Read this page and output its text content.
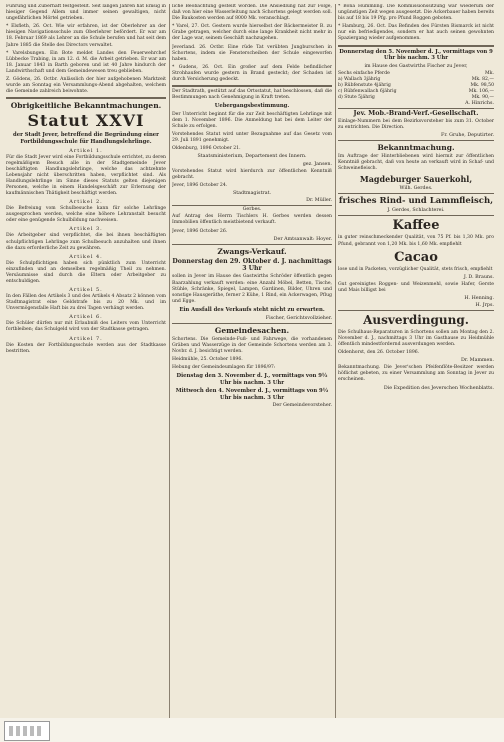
Fuhrung und Zuberhaft festgestellt. Seit langen Jahren hat Emsig in hiesiger Gegend Allem und immer seinen gewaltigen, nicht ungefährlichen Mörtel getrieben.

* Elsfleth, 26. Oct. Wie wir erfahren, ist der Oberlehrer an der hiesigen Navigationsschule zum Oberlehrer befördert. Er war am 18. Februar 1869 als Lehrer an die Schule berufen und hat seit dem Jahre 1885 die Stelle des Directors verwaltet.

* Varelsbungen. Ein Bote meldet Landes den Feuerwehrchef Lübbecke Trabing, in am 12. d. M. die Arbeit getrieben. Er war am 18. Januar 1843 in Barth geboren und ist 40 Jahre hindurch der Landwirthschaft und dem Gemeindewesen treu geblieben.

Z. Gödens, 26. Octbr. Anlässlich der hier aufgehobenen Marktzeit wurde am Sonntag ein Versammlungs-Abend abgehalten, welchem die Gemeinde zahlreich beiwohnte.

Obrigkeitliche Bekanntmachungen.
Statut XXVI
der Stadt Jever, betreffend die Begründung einer Fortbildungsschule für Handlungslehrlinge.
Artikel 1.

Für die Stadt Jever wird eine Fortbildungsschule errichtet, zu deren regelmäßigem Besuch alle in der Stadtgemeinde Jever beschäftigten Handlungslehrlinge, welche das achtzehnte Lebensjahr nicht überschritten haben, verpflichtet sind. Als Handlungslehrlinge im Sinne dieses Statuts gelten diejenigen Personen, welche in einem Handelsgeschäft zur Erlernung der kaufmännischen Thätigkeit beschäftigt werden.

Artikel 2.

Die Befreiung vom Schulbesuche kann für solche Lehrlinge ausgesprochen werden, welche eine höhere Lehranstalt besucht oder eine genügende Schulbildung nachweisen.

Artikel 3.

Die Arbeitgeber sind verpflichtet, die bei ihnen beschäftigten schulpflichtigen Lehrlinge zum Schulbesuch anzuhalten und ihnen die dazu erforderliche Zeit zu gewähren.

Artikel 4.

Die Schulpflichtigen haben sich pünktlich zum Unterricht einzufinden und an demselben regelmäßig Theil zu nehmen. Versäumnisse sind durch die Eltern oder Arbeitgeber zu entschuldigen.

Artikel 5.

In den Fällen des Artikels 3 und des Artikels 4 Absatz 2 können vom Stadtmagistrat eine Geldstrafe bis zu 20 Mk. und im Unvermögensfalle Haft bis zu drei Tagen verhängt werden.

Artikel 6.

Die Schüler dürfen nur mit Erlaubniß des Leiters vom Unterricht fortbleiben; das Schulgeld wird von der Stadtkasse getragen.

Artikel 7.

Die Kosten der Fortbildungsschule werden aus der Stadtkasse bestritten.

liche Beobachtung gestellt worden. Die Ansiedlung hat zur Folge, daß von hier eine Wasserleitung nach Schortens gelegt werden soll. Die Baukosten werden auf 8000 Mk. veranschlagt.

* Varel, 27. Oct. Gestern wurde hierselbst der Bäckermeister B. zu Grabe getragen, welcher durch eine lange Krankheit nicht mehr in der Lage war, seinem Geschäft nachzugehen.

Jeverland. 26. Octbr. Eine rüde Tat verübten Jungburschen in Schortens, indem sie Fensterscheiben der Schule eingeworfen haben.

* Gudens, 26. Oct. Ein großer auf dem Felde befindlicher Strohhaufen wurde gestern in Brand gesteckt; der Schaden ist durch Versicherung gedeckt.

Der Stadtrath, gestützt auf das Ortsstatut, hat beschlossen, daß die Bestimmungen nach Genehmigung in Kraft treten.

Uebergangsbestimmung.

Der Unterricht beginnt für die zur Zeit beschäftigten Lehrlinge mit dem 1. November 1896. Die Anmeldung hat bei dem Leiter der Schule zu erfolgen.

Vorstehendes Statut wird unter Bezugnahme auf das Gesetz vom 29. Juli 1891 genehmigt.

Oldenburg, 1896 October 21.

Staatsministerium, Departement des Innern.
gez. Jansen.

Vorstehendes Statut wird hierdurch zur öffentlichen Kenntniß gebracht.

Jever, 1896 October 24.

Stadtmagistrat.
Dr. Müller.
Gerbes.

Auf Antrag des Herrn Tischlers H. Gerbes werden dessen Immobilien öffentlich meistbietend verkauft.

Jever, 1896 October 26.

Der Amtsanwalt: Hoyer.
Zwangs-Verkauf.
Donnerstag den 29. Oktober d. J. nachmittags 3 Uhr

sollen in Jever im Hause des Gastwirths Schröder öffentlich gegen Baarzahlung verkauft werden: eine Anzahl Möbel, Betten, Tische, Stühle, Schränke, Spiegel, Lampen, Gardinen, Bilder, Uhren und sonstige Hausgeräthe, ferner 2 Kühe, 1 Rind, ein Ackerwagen, Pflug und Egge.

Ein Ausfall des Verkaufs steht nicht zu erwarten.
Fischer, Gerichtsvollzieher.
Gemeindesachen.

Schortens. Die Gemeinde-Fuß- und Fahrwege, die vorhandenen Gräben und Wasserzüge in der Gemeinde Schortens werden am 3. Novbr. d. J. besichtigt werden.

Heidmühle, 25. October 1896.

Hebung der Gemeindeumlagen für 1896/97:

Dienstag den 3. November d. J., vormittags von 9½ Uhr bis nachm. 3 Uhr
Mittwoch den 4. November d. J., vormittags von 9½ Uhr bis nachm. 3 Uhr
Der Gemeindevorsteher.

* Bona Hümmling. Die Kommissionssitzung war wiederum der ungünstigen Zeit wegen ausgesetzt. Die Ackerbauer haben bereits bis auf 18 bis 19 Pfg. pro Pfund Roggen geboten.

* Hamburg, 26. Oct. Das Befinden des Fürsten Bismarck ist nicht nur ein befriedigendes, sondern er hat auch seinen gewohnten Spaziergang wieder aufgenommen.

Donnerstag den 5. November d. J., vormittags von 9 Uhr bis nachm. 3 Uhr
im Hause des Gastwirths Fischer zu Jever,
Sechs einfache Pferde	Mk.
a) Wallach 3jährig	Mk. 82,—
b) Rübfenstute 4jährig	Mk. 98,50
c) Rübfenwallach 6jährig	Mk. 106,—
d) Stute 5jährig	Mk. 90,—
A. Hinrichs.
Jev. Mob.-Brand-Verf.-Gesellschaft.

Einlage-Nummern bei dem Bezirksvorsteher bis zum 31. October zu entrichten. Die Direction.

Fr. Gruhe, Deputirter.
Bekanntmachung.

Im Auftrage der Hinterbliebenen wird hiermit zur öffentlichen Kenntniß gebracht, daß von heute an verkauft wird in Schaf- und Schweinefleisch.

Magdeburger Sauerkohl,
Wilh. Gerdes.
frisches Rind- und Lammfleisch,
J. Gerdes, Schlachterei.
Kaffee

in guter reinschmeckender Qualität, von 75 Pf. bis 1,30 Mk. pro Pfund, gebrannt von 1,20 Mk. bis 1,60 Mk. empfiehlt

Cacao

lose und in Packeten, vorzüglicher Qualität, stets frisch, empfiehlt

J. D. Brauns.

Gut gereinigtes Roggen- und Weizenmehl, sowie Hafer, Gerste und Mais billigst bei

H. Henning.
H. Jrps.
Ausverdingung.

Die Schulhaus-Reparaturen in Schortens sollen am Montag den 2. November d. J., nachmittags 3 Uhr im Gasthause zu Heidmühle öffentlich mindestfordernd ausverdungen werden.

Oldenhorst, den 26. October 1896.

Dr. Mammen.

Bekanntmachung. Die Jever'schen Pfeifenflöte-Besitzer werden höflichst gebeten, zu einer Versammlung am Sonntag in Jever zu erscheinen.

Die Expedition des Jeverschen Wochenblatts.
